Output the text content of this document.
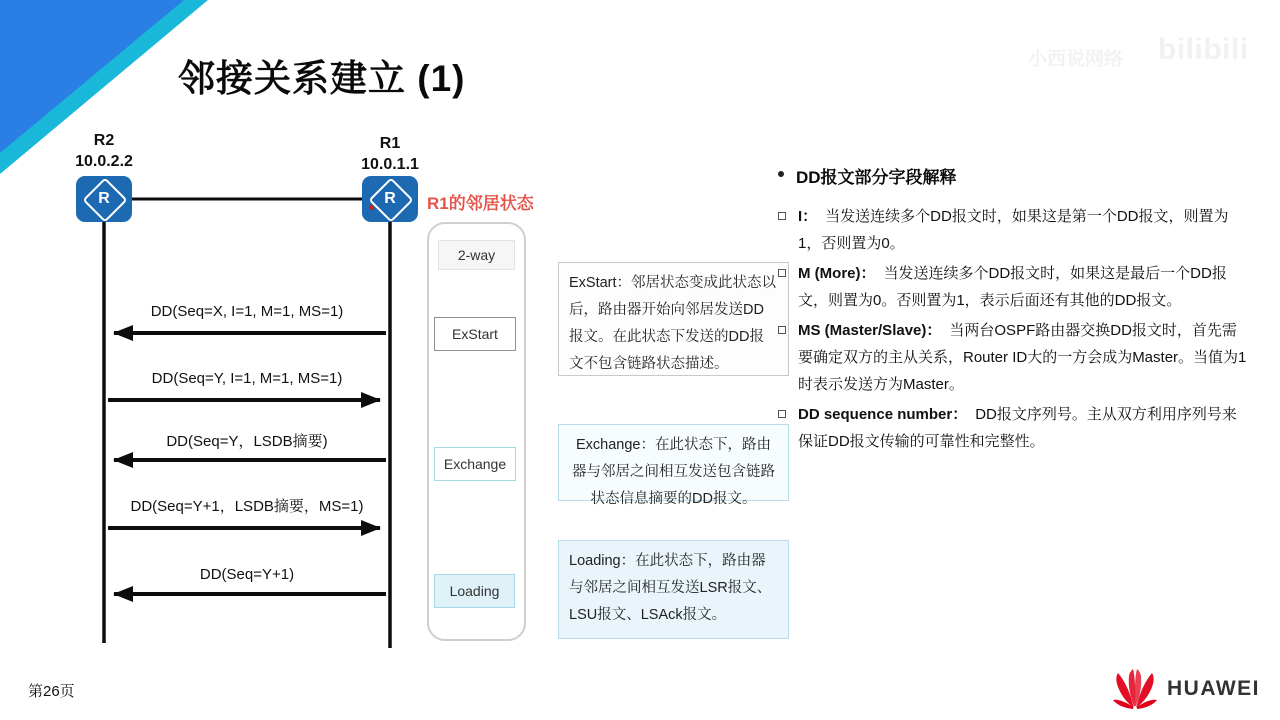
邻接关系建立 (1)	小西说网络 bilibili
R2
10.0.2.2
R
R1
10.0.1.1
R
DD(Seq=X, I=1, M=1, MS=1)
DD(Seq=Y, I=1, M=1, MS=1)
DD(Seq=Y，LSDB摘要)
DD(Seq=Y+1，LSDB摘要，MS=1)
DD(Seq=Y+1)
R1的邻居状态
2-way
ExStart
Exchange
Loading
ExStart：邻居状态变成此状态以后，路由器开始向邻居发送DD报文。在此状态下发送的DD报文不包含链路状态描述。
Exchange：在此状态下，路由器与邻居之间相互发送包含链路状态信息摘要的DD报文。
Loading：在此状态下，路由器与邻居之间相互发送LSR报文、LSU报文、LSAck报文。
DD报文部分字段解释
I： 当发送连续多个DD报文时，如果这是第一个DD报文，则置为1，否则置为0。
M (More)： 当发送连续多个DD报文时，如果这是最后一个DD报文，则置为0。否则置为1，表示后面还有其他的DD报文。
MS (Master/Slave)： 当两台OSPF路由器交换DD报文时，首先需要确定双方的主从关系，Router ID大的一方会成为Master。当值为1时表示发送方为Master。
DD sequence number： DD报文序列号。主从双方利用序列号来保证DD报文传输的可靠性和完整性。
第26页	HUAWEI
